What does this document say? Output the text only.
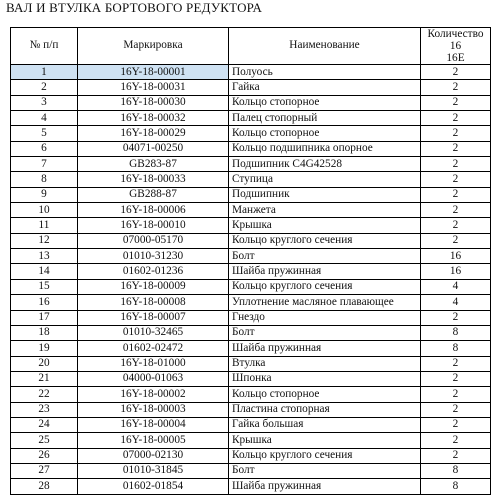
ВАЛ И ВТУЛКА БОРТОВОГО РЕДУКТОРА
№ п/п	Маркировка	Наименование	Количество
16
16E

1	16Y-18-00001	Полуось	2
2	16Y-18-00031	Гайка	2
3	16Y-18-00030	Кольцо стопорное	2
4	16Y-18-00032	Палец стопорный	2
5	16Y-18-00029	Кольцо стопорное	2
6	04071-00250	Кольцо подшипника опорное	2
7	GB283-87	Подшипник C4G42528	2
8	16Y-18-00033	Ступица	2
9	GB288-87	Подшипник	2
10	16Y-18-00006	Манжета	2
11	16Y-18-00010	Крышка	2
12	07000-05170	Кольцо круглого сечения	2
13	01010-31230	Болт	16
14	01602-01236	Шайба пружинная	16
15	16Y-18-00009	Кольцо круглого сечения	4
16	16Y-18-00008	Уплотнение масляное плавающее	4
17	16Y-18-00007	Гнездо	2
18	01010-32465	Болт	8
19	01602-02472	Шайба пружинная	8
20	16Y-18-01000	Втулка	2
21	04000-01063	Шпонка	2
22	16Y-18-00002	Кольцо стопорное	2
23	16Y-18-00003	Пластина стопорная	2
24	16Y-18-00004	Гайка большая	2
25	16Y-18-00005	Крышка	2
26	07000-02130	Кольцо круглого сечения	2
27	01010-31845	Болт	8
28	01602-01854	Шайба пружинная	8
